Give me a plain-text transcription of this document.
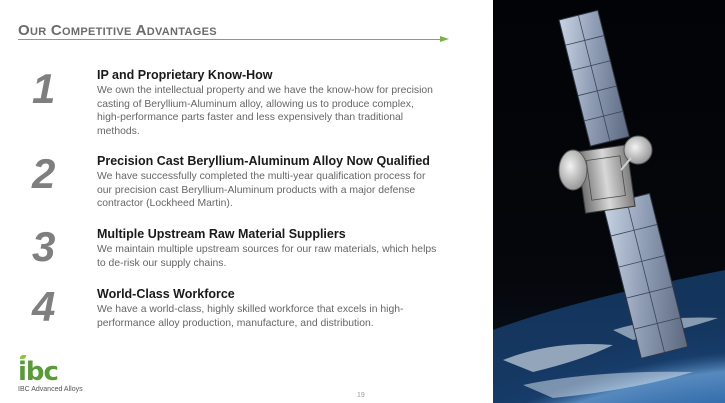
Our Competitive Advantages
1	IP and Proprietary Know-How
We own the intellectual property and we have the know-how for precision casting of Beryllium-Aluminum alloy, allowing us to produce complex, high-performance parts faster and less expensively than traditional methods.
2	Precision Cast Beryllium-Aluminum Alloy Now Qualified
We have successfully completed the multi-year qualification process for our precision cast Beryllium-Aluminum products with a major defense contractor (Lockheed Martin).
3	Multiple Upstream Raw Material Suppliers
We maintain multiple upstream sources for our raw materials, which helps to de-risk our supply chains.
4	World-Class Workforce
We have a world-class, highly skilled workforce that excels in high-performance alloy production, manufacture, and distribution.
ibc
IBC Advanced Alloys
19
